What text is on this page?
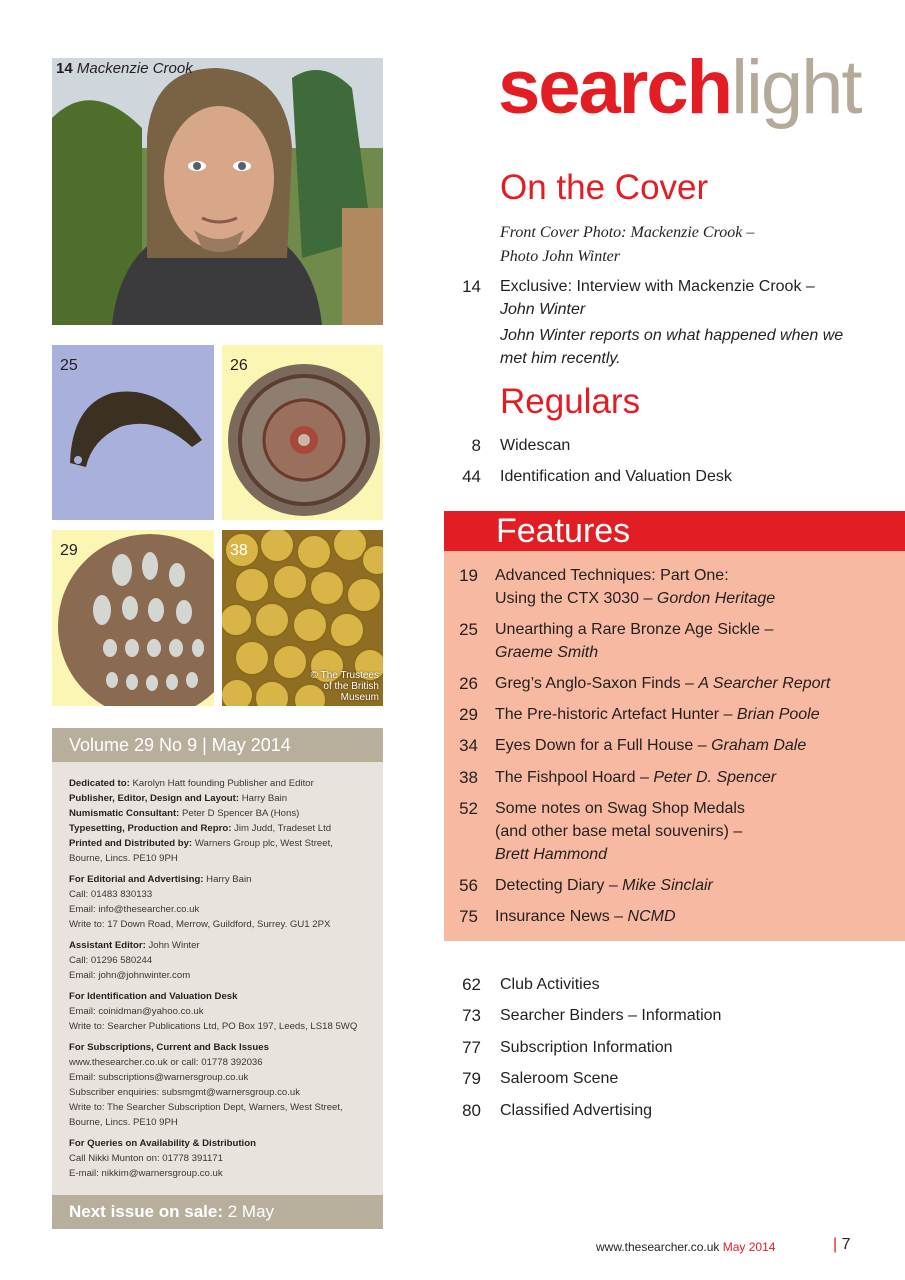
14 Mackenzie Crook
25	26
29	38
© The Trustees
of the British
Museum
Volume 29 No 9 | May 2014
Dedicated to: Karolyn Hatt founding Publisher and Editor
Publisher, Editor, Design and Layout: Harry Bain
Numismatic Consultant: Peter D Spencer BA (Hons)
Typesetting, Production and Repro: Jim Judd, Tradeset Ltd
Printed and Distributed by: Warners Group plc, West Street,
Bourne, Lincs. PE10 9PH
For Editorial and Advertising: Harry Bain
Call: 01483 830133
Email: info@thesearcher.co.uk
Write to: 17 Down Road, Merrow, Guildford, Surrey. GU1 2PX
Assistant Editor: John Winter
Call: 01296 580244
Email: john@johnwinter.com
For Identification and Valuation Desk
Email: coinidman@yahoo.co.uk
Write to: Searcher Publications Ltd, PO Box 197, Leeds, LS18 5WQ
For Subscriptions, Current and Back Issues
www.thesearcher.co.uk or call: 01778 392036
Email: subscriptions@warnersgroup.co.uk
Subscriber enquiries: subsmgmt@warnersgroup.co.uk
Write to: The Searcher Subscription Dept, Warners, West Street,
Bourne, Lincs. PE10 9PH
For Queries on Availability & Distribution
Call Nikki Munton on: 01778 391171
E-mail: nikkim@warnersgroup.co.uk
Next issue on sale: 2 May
searchlight
On the Cover
Front Cover Photo: Mackenzie Crook –
Photo John Winter
14 Exclusive: Interview with Mackenzie Crook –
John Winter
John Winter reports on what happened when we
met him recently.
Regulars
8 Widescan
44 Identification and Valuation Desk
Features
19 Advanced Techniques: Part One:
Using the CTX 3030 – Gordon Heritage
25 Unearthing a Rare Bronze Age Sickle –
Graeme Smith
26 Greg’s Anglo-Saxon Finds – A Searcher Report
29 The Pre-historic Artefact Hunter – Brian Poole
34 Eyes Down for a Full House – Graham Dale
38 The Fishpool Hoard – Peter D. Spencer
52 Some notes on Swag Shop Medals
(and other base metal souvenirs) –
Brett Hammond
56 Detecting Diary – Mike Sinclair
75 Insurance News – NCMD
62 Club Activities
73 Searcher Binders – Information
77 Subscription Information
79 Saleroom Scene
80 Classified Advertising
www.thesearcher.co.uk May 2014	| 7
